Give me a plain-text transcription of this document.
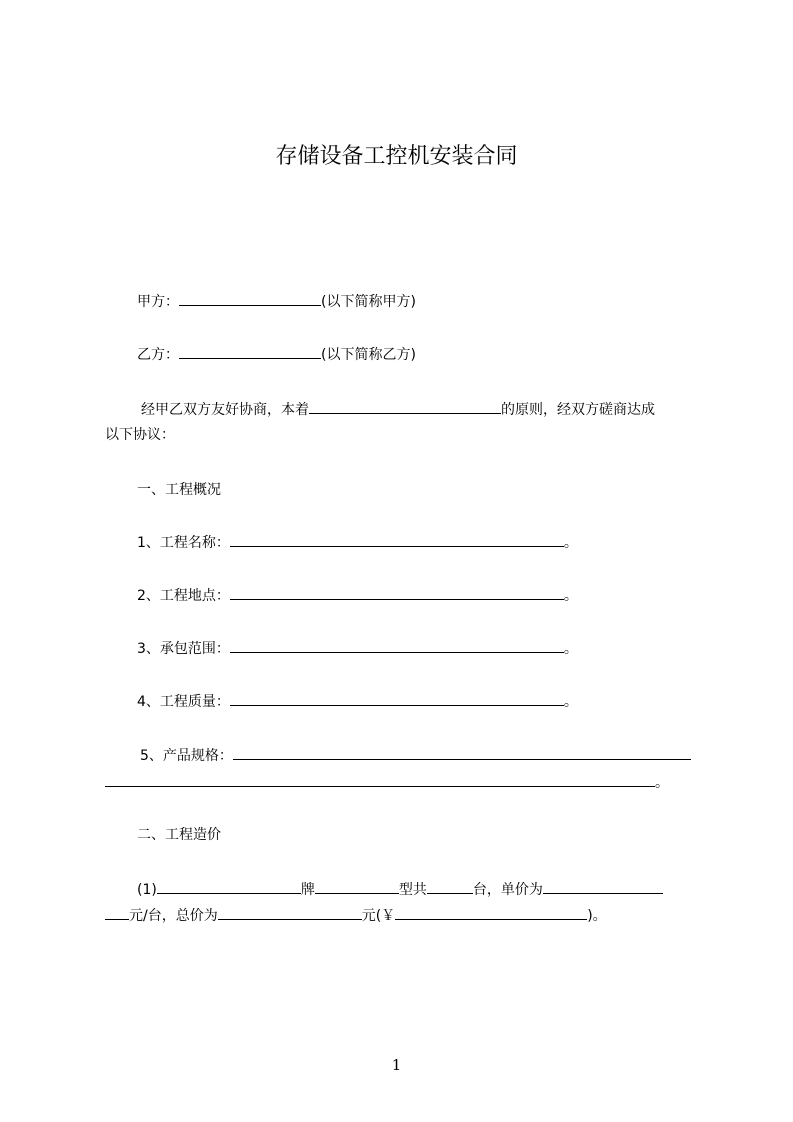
存储设备工控机安装合同
甲方：	(以下简称甲方)
乙方：	(以下简称乙方)
经甲乙双方友好协商，本着	的原则，经双方磋商达成
以下协议：
一、工程概况
1、工程名称：	。
2、工程地点：	。
3、承包范围：	。
4、工程质量：	。
5、产品规格：
。
二、工程造价
(1)	牌	型共	台，单价为
元/台，总价为	元(￥	)。
1
